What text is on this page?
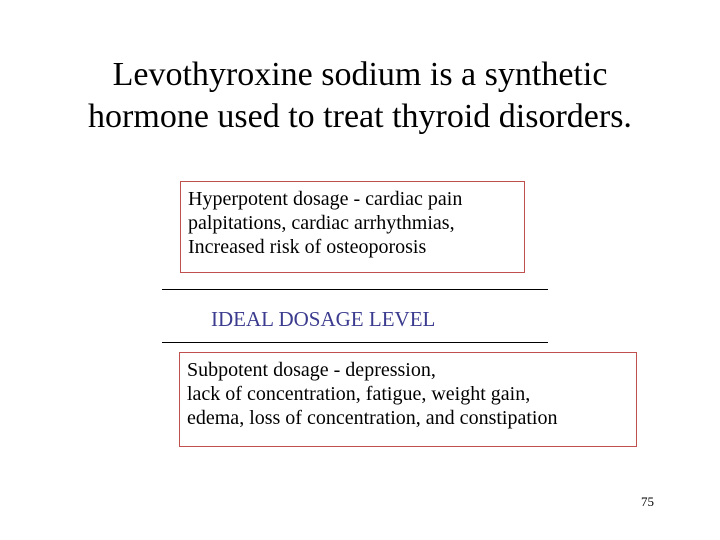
Levothyroxine sodium is a synthetic
hormone used to treat thyroid disorders.
Hyperpotent dosage - cardiac pain
palpitations, cardiac arrhythmias,
Increased risk of osteoporosis
IDEAL DOSAGE LEVEL
Subpotent dosage - depression,
lack of concentration, fatigue, weight gain,
edema, loss of concentration, and constipation
75
